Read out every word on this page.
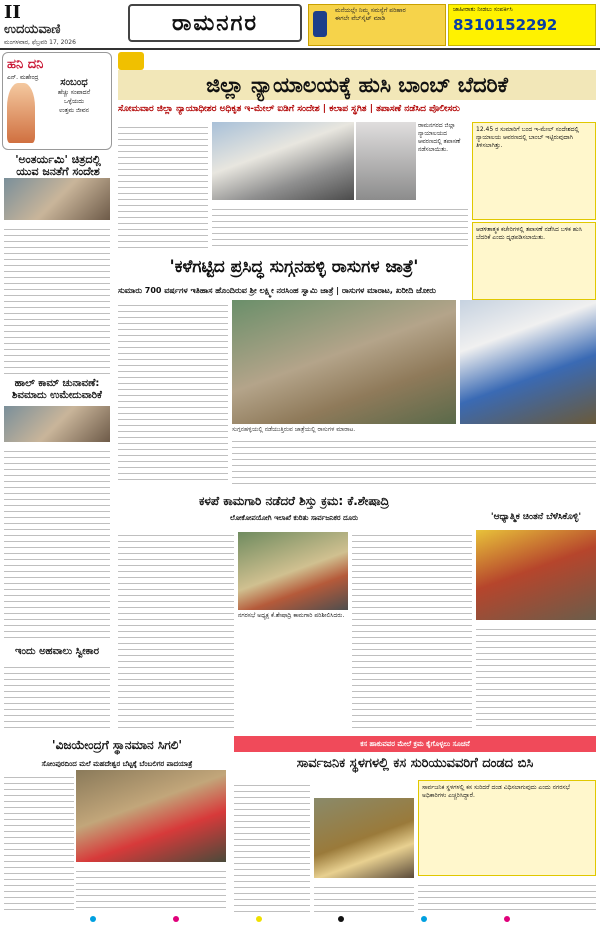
II
ಉದಯವಾಣಿ
ಮಂಗಳವಾರ, ಫೆಬ್ರವರಿ 17, 2026
ರಾಮನಗರ	ಮನೆಯಲ್ಲೇ ನಿಮ್ಮ ಸಮಸ್ಯೆಗೆ ಪರಿಹಾರ
ಈಗಲೇ ವೆಬ್‌ಸೈಟ್ ಮಾಡಿ
ಜಾಹೀರಾತು ನೀಡಲು ಸಂಪರ್ಕಿಸಿ
8310152292
ಹನಿ ದನಿ
ಎನ್. ಮಹೇಂದ್ರ	ಸಂಬಂಧ
ಹೆಚ್ಚು ಸಂಪಾದನೆ
ಒಳ್ಳೆಯದು
ಉತ್ತಮ ಜೀವನ
'ಅಂತರ್ಯಮಿ' ಚಿತ್ರದಲ್ಲಿ ಯುವ ಜನತೆಗೆ ಸಂದೇಶ
ಹಾಲ್ ಕಾಮ್ ಚುನಾವಣೆ: ಶಿವಮಾದು ಉಮೇದುವಾರಿಕೆ
ಇಂದು ಅಹವಾಲು ಸ್ವೀಕಾರ
ಜಿಲ್ಲಾ ನ್ಯಾಯಾಲಯಕ್ಕೆ ಹುಸಿ ಬಾಂಬ್ ಬೆದರಿಕೆ
ಸೋಮವಾರ ಜಿಲ್ಲಾ ನ್ಯಾಯಾಧೀಶರ ಅಧಿಕೃತ ಇ-ಮೇಲ್ ಐಡಿಗೆ ಸಂದೇಶ | ಕಲಾಪ ಸ್ಥಗಿತ | ತಪಾಸಣೆ ನಡೆಸಿದ ಪೊಲೀಸರು
ರಾಮನಗರದ ಜಿಲ್ಲಾ ನ್ಯಾಯಾಲಯದ ಆವರಣದಲ್ಲಿ ತಪಾಸಣೆ ನಡೆಸಲಾಯಿತು.
12.45 ರ ಸುಮಾರಿಗೆ ಬಂದ ಇ-ಮೇಲ್ ಸಂದೇಶದಲ್ಲಿ ನ್ಯಾಯಾಲಯ ಆವರಣದಲ್ಲಿ ಬಾಂಬ್ ಇಟ್ಟಿರುವುದಾಗಿ ತಿಳಿಸಲಾಗಿತ್ತು.
ಆಡಳಿತಾತ್ಮಕ ಕಚೇರಿಗಳಲ್ಲಿ ತಪಾಸಣೆ ನಡೆಸಿದ ಬಳಿಕ ಹುಸಿ ಬೆದರಿಕೆ ಎಂದು ದೃಢಪಡಿಸಲಾಯಿತು.
'ಕಳೆಗಟ್ಟಿದ ಪ್ರಸಿದ್ಧ ಸುಗ್ಗನಹಳ್ಳಿ ರಾಸುಗಳ ಜಾತ್ರೆ'
ಸುಮಾರು 700 ವರ್ಷಗಳ ಇತಿಹಾಸ ಹೊಂದಿರುವ ಶ್ರೀ ಲಕ್ಷ್ಮೀ ನರಸಿಂಹ ಸ್ವಾಮಿ ಜಾತ್ರೆ | ರಾಸುಗಳ ಮಾರಾಟ, ಖರೀದಿ ಜೋರು
ಸುಗ್ಗನಹಳ್ಳಿಯಲ್ಲಿ ನಡೆಯುತ್ತಿರುವ ಜಾತ್ರೆಯಲ್ಲಿ ರಾಸುಗಳ ಮಾರಾಟ.
ಕಳಪೆ ಕಾಮಗಾರಿ ನಡೆದರೆ ಶಿಸ್ತು ಕ್ರಮ: ಕೆ.ಶೇಷಾದ್ರಿ
ಲೋಕೋಪಯೋಗಿ ಇಲಾಖೆ ಕುರಿತು ಸಾರ್ವಜನಿಕರ ದೂರು
ನಗರಸಭೆ ಅಧ್ಯಕ್ಷ ಕೆ.ಶೇಷಾದ್ರಿ ಕಾಮಗಾರಿ ಪರಿಶೀಲಿಸಿದರು.
'ಆಧ್ಯಾತ್ಮಿಕ ಚಿಂತನೆ ಬೆಳೆಸಿಕೊಳ್ಳಿ'
'ವಿಜಯೇಂದ್ರಗೆ ಸ್ಥಾನಮಾನ ಸಿಗಲಿ'
ಸೋಂಪುರದಿಂದ ಮಲೆ ಮಹದೇಶ್ವರ ಬೆಟ್ಟಕ್ಕೆ ಬೆಂಬಲಿಗರ ಪಾದಯಾತ್ರೆ
ಕಸ ಹಾಕುವವರ ಮೇಲೆ ಕ್ರಮ ಕೈಗೊಳ್ಳಲು ಸೂಚನೆ
ಸಾರ್ವಜನಿಕ ಸ್ಥಳಗಳಲ್ಲಿ ಕಸ ಸುರಿಯುವವರಿಗೆ ದಂಡದ ಬಿಸಿ
ಸಾರ್ವಜನಿಕ ಸ್ಥಳಗಳಲ್ಲಿ ಕಸ ಸುರಿದರೆ ದಂಡ ವಿಧಿಸಲಾಗುವುದು ಎಂದು ನಗರಸಭೆ ಅಧಿಕಾರಿಗಳು ಎಚ್ಚರಿಸಿದ್ದಾರೆ.
